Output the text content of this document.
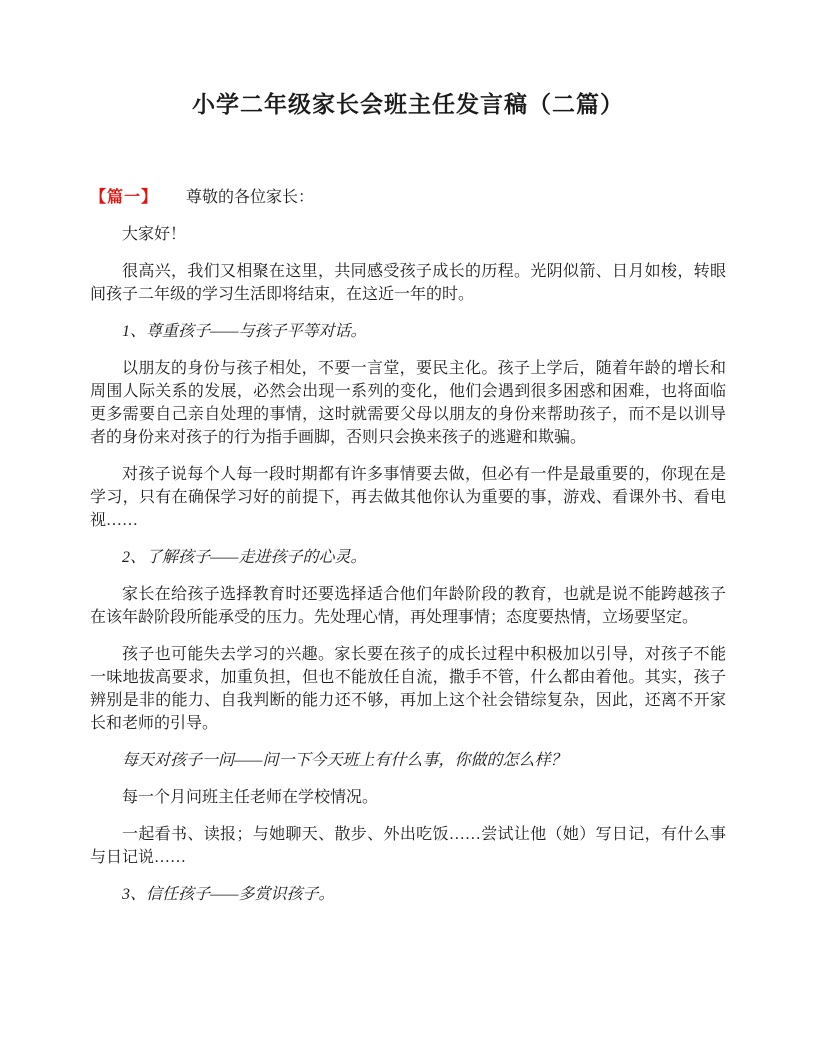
小学二年级家长会班主任发言稿（二篇）

【篇一】 尊敬的各位家长：

大家好！

很高兴，我们又相聚在这里，共同感受孩子成长的历程。光阴似箭、日月如梭，转眼间孩子二年级的学习生活即将结束，在这近一年的时。

1、尊重孩子——与孩子平等对话。

以朋友的身份与孩子相处，不要一言堂，要民主化。孩子上学后，随着年龄的增长和周围人际关系的发展，必然会出现一系列的变化，他们会遇到很多困惑和困难，也将面临更多需要自己亲自处理的事情，这时就需要父母以朋友的身份来帮助孩子，而不是以训导者的身份来对孩子的行为指手画脚，否则只会换来孩子的逃避和欺骗。

对孩子说每个人每一段时期都有许多事情要去做，但必有一件是最重要的，你现在是学习，只有在确保学习好的前提下，再去做其他你认为重要的事，游戏、看课外书、看电视……

2、了解孩子——走进孩子的心灵。

家长在给孩子选择教育时还要选择适合他们年龄阶段的教育，也就是说不能跨越孩子在该年龄阶段所能承受的压力。先处理心情，再处理事情；态度要热情，立场要坚定。

孩子也可能失去学习的兴趣。家长要在孩子的成长过程中积极加以引导，对孩子不能一味地拔高要求，加重负担，但也不能放任自流，撒手不管，什么都由着他。其实，孩子辨别是非的能力、自我判断的能力还不够，再加上这个社会错综复杂，因此，还离不开家长和老师的引导。

每天对孩子一问——问一下今天班上有什么事，你做的怎么样？

每一个月问班主任老师在学校情况。

一起看书、读报；与她聊天、散步、外出吃饭……尝试让他（她）写日记，有什么事与日记说……

3、信任孩子——多赏识孩子。
